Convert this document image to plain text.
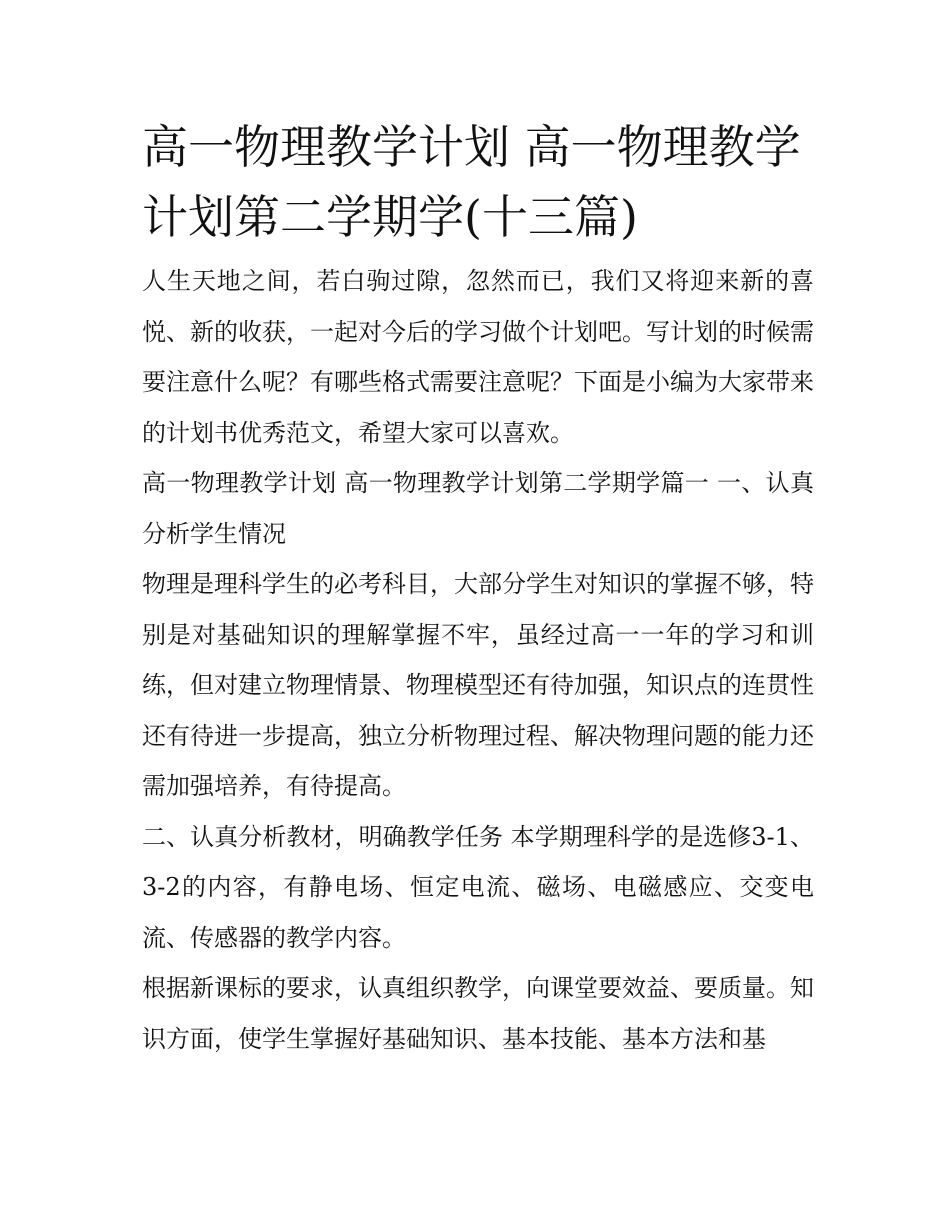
高一物理教学计划 高一物理教学计划第二学期学(十三篇)

人生天地之间，若白驹过隙，忽然而已，我们又将迎来新的喜悦、新的收获，一起对今后的学习做个计划吧。写计划的时候需要注意什么呢？有哪些格式需要注意呢？下面是小编为大家带来的计划书优秀范文，希望大家可以喜欢。

高一物理教学计划 高一物理教学计划第二学期学篇一 一、认真分析学生情况

物理是理科学生的必考科目，大部分学生对知识的掌握不够，特别是对基础知识的理解掌握不牢，虽经过高一一年的学习和训练，但对建立物理情景、物理模型还有待加强，知识点的连贯性还有待进一步提高，独立分析物理过程、解决物理问题的能力还需加强培养，有待提高。

二、认真分析教材，明确教学任务 本学期理科学的是选修3-1、3-2的内容，有静电场、恒定电流、磁场、电磁感应、交变电流、传感器的教学内容。

根据新课标的要求，认真组织教学，向课堂要效益、要质量。知识方面，使学生掌握好基础知识、基本技能、基本方法和基
